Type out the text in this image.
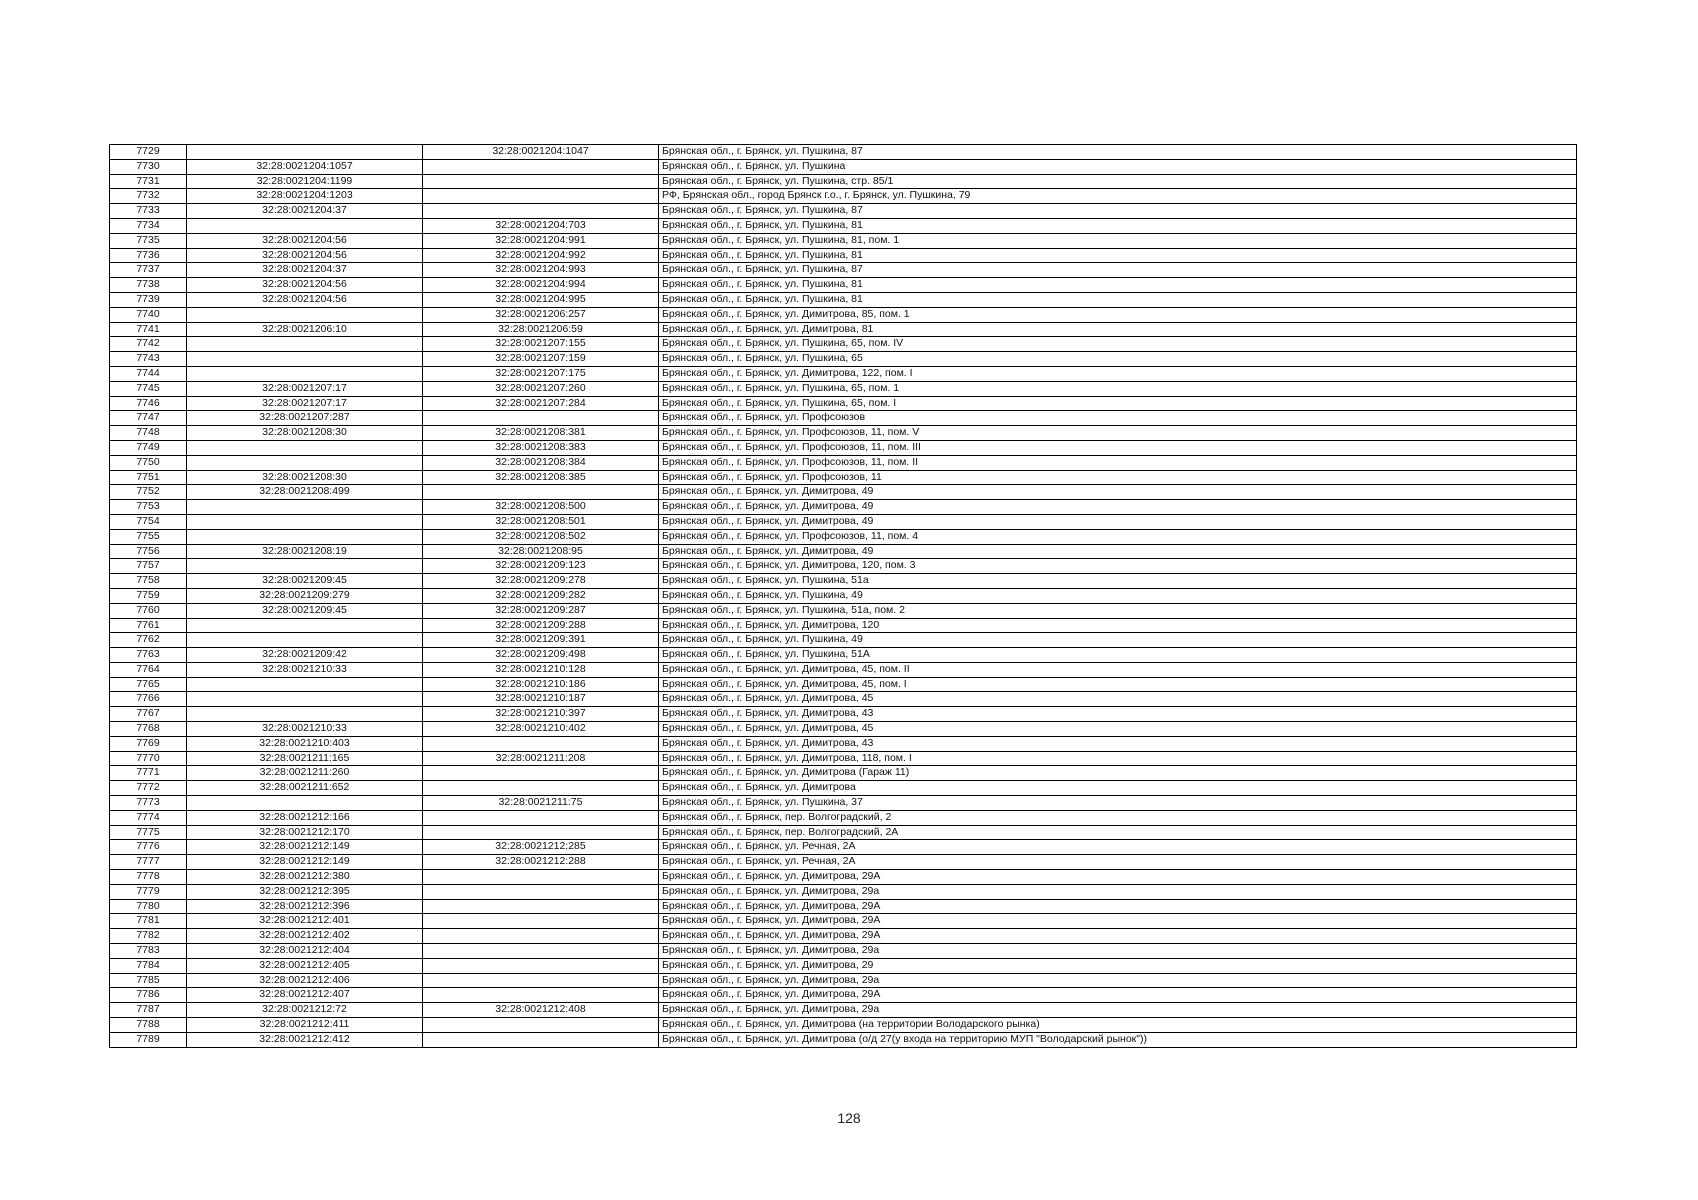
7729		32:28:0021204:1047	Брянская обл., г. Брянск, ул. Пушкина, 87
7730	32:28:0021204:1057		Брянская обл., г. Брянск, ул. Пушкина
7731	32:28:0021204:1199		Брянская обл., г. Брянск, ул. Пушкина, стр. 85/1
7732	32:28:0021204:1203		РФ, Брянская обл., город Брянск г.о., г. Брянск, ул. Пушкина, 79
7733	32:28:0021204:37		Брянская обл., г. Брянск, ул. Пушкина, 87
7734		32:28:0021204:703	Брянская обл., г. Брянск, ул. Пушкина, 81
7735	32:28:0021204:56	32:28:0021204:991	Брянская обл., г. Брянск, ул. Пушкина, 81, пом. 1
7736	32:28:0021204:56	32:28:0021204:992	Брянская обл., г. Брянск, ул. Пушкина, 81
7737	32:28:0021204:37	32:28:0021204:993	Брянская обл., г. Брянск, ул. Пушкина, 87
7738	32:28:0021204:56	32:28:0021204:994	Брянская обл., г. Брянск, ул. Пушкина, 81
7739	32:28:0021204:56	32:28:0021204:995	Брянская обл., г. Брянск, ул. Пушкина, 81
7740		32:28:0021206:257	Брянская обл., г. Брянск, ул. Димитрова, 85, пом. 1
7741	32:28:0021206:10	32:28:0021206:59	Брянская обл., г. Брянск, ул. Димитрова, 81
7742		32:28:0021207:155	Брянская обл., г. Брянск, ул. Пушкина, 65, пом. IV
7743		32:28:0021207:159	Брянская обл., г. Брянск, ул. Пушкина, 65
7744		32:28:0021207:175	Брянская обл., г. Брянск, ул. Димитрова, 122, пом. I
7745	32:28:0021207:17	32:28:0021207:260	Брянская обл., г. Брянск, ул. Пушкина, 65, пом. 1
7746	32:28:0021207:17	32:28:0021207:284	Брянская обл., г. Брянск, ул. Пушкина, 65, пом. I
7747	32:28:0021207:287		Брянская обл., г. Брянск, ул. Профсоюзов
7748	32:28:0021208:30	32:28:0021208:381	Брянская обл., г. Брянск, ул. Профсоюзов, 11, пом. V
7749		32:28:0021208:383	Брянская обл., г. Брянск, ул. Профсоюзов, 11, пом. III
7750		32:28:0021208:384	Брянская обл., г. Брянск, ул. Профсоюзов, 11, пом. II
7751	32:28:0021208:30	32:28:0021208:385	Брянская обл., г. Брянск, ул. Профсоюзов, 11
7752	32:28:0021208:499		Брянская обл., г. Брянск, ул. Димитрова, 49
7753		32:28:0021208:500	Брянская обл., г. Брянск, ул. Димитрова, 49
7754		32:28:0021208:501	Брянская обл., г. Брянск, ул. Димитрова, 49
7755		32:28:0021208:502	Брянская обл., г. Брянск, ул. Профсоюзов, 11, пом. 4
7756	32:28:0021208:19	32:28:0021208:95	Брянская обл., г. Брянск, ул. Димитрова, 49
7757		32:28:0021209:123	Брянская обл., г. Брянск, ул. Димитрова, 120, пом. 3
7758	32:28:0021209:45	32:28:0021209:278	Брянская обл., г. Брянск, ул. Пушкина, 51а
7759	32:28:0021209:279	32:28:0021209:282	Брянская обл., г. Брянск, ул. Пушкина, 49
7760	32:28:0021209:45	32:28:0021209:287	Брянская обл., г. Брянск, ул. Пушкина, 51а, пом. 2
7761		32:28:0021209:288	Брянская обл., г. Брянск, ул. Димитрова, 120
7762		32:28:0021209:391	Брянская обл., г. Брянск, ул. Пушкина, 49
7763	32:28:0021209:42	32:28:0021209:498	Брянская обл., г. Брянск, ул. Пушкина, 51А
7764	32:28:0021210:33	32:28:0021210:128	Брянская обл., г. Брянск, ул. Димитрова, 45, пом. II
7765		32:28:0021210:186	Брянская обл., г. Брянск, ул. Димитрова, 45, пом. I
7766		32:28:0021210:187	Брянская обл., г. Брянск, ул. Димитрова, 45
7767		32:28:0021210:397	Брянская обл., г. Брянск, ул. Димитрова, 43
7768	32:28:0021210:33	32:28:0021210:402	Брянская обл., г. Брянск, ул. Димитрова, 45
7769	32:28:0021210:403		Брянская обл., г. Брянск, ул. Димитрова, 43
7770	32:28:0021211:165	32:28:0021211:208	Брянская обл., г. Брянск, ул. Димитрова, 118, пом. I
7771	32:28:0021211:260		Брянская обл., г. Брянск, ул. Димитрова (Гараж 11)
7772	32:28:0021211:652		Брянская обл., г. Брянск, ул. Димитрова
7773		32:28:0021211:75	Брянская обл., г. Брянск, ул. Пушкина, 37
7774	32:28:0021212:166		Брянская обл., г. Брянск, пер. Волгоградский, 2
7775	32:28:0021212:170		Брянская обл., г. Брянск, пер. Волгоградский, 2А
7776	32:28:0021212:149	32:28:0021212:285	Брянская обл., г. Брянск, ул. Речная, 2А
7777	32:28:0021212:149	32:28:0021212:288	Брянская обл., г. Брянск, ул. Речная, 2А
7778	32:28:0021212:380		Брянская обл., г. Брянск, ул. Димитрова, 29А
7779	32:28:0021212:395		Брянская обл., г. Брянск, ул. Димитрова, 29а
7780	32:28:0021212:396		Брянская обл., г. Брянск, ул. Димитрова, 29А
7781	32:28:0021212:401		Брянская обл., г. Брянск, ул. Димитрова, 29А
7782	32:28:0021212:402		Брянская обл., г. Брянск, ул. Димитрова, 29А
7783	32:28:0021212:404		Брянская обл., г. Брянск, ул. Димитрова, 29а
7784	32:28:0021212:405		Брянская обл., г. Брянск, ул. Димитрова, 29
7785	32:28:0021212:406		Брянская обл., г. Брянск, ул. Димитрова, 29а
7786	32:28:0021212:407		Брянская обл., г. Брянск, ул. Димитрова, 29А
7787	32:28:0021212:72	32:28:0021212:408	Брянская обл., г. Брянск, ул. Димитрова, 29а
7788	32:28:0021212:411		Брянская обл., г. Брянск, ул. Димитрова (на территории Володарского рынка)
7789	32:28:0021212:412		Брянская обл., г. Брянск, ул. Димитрова (о/д 27(у входа на территорию МУП "Володарский рынок"))
128
